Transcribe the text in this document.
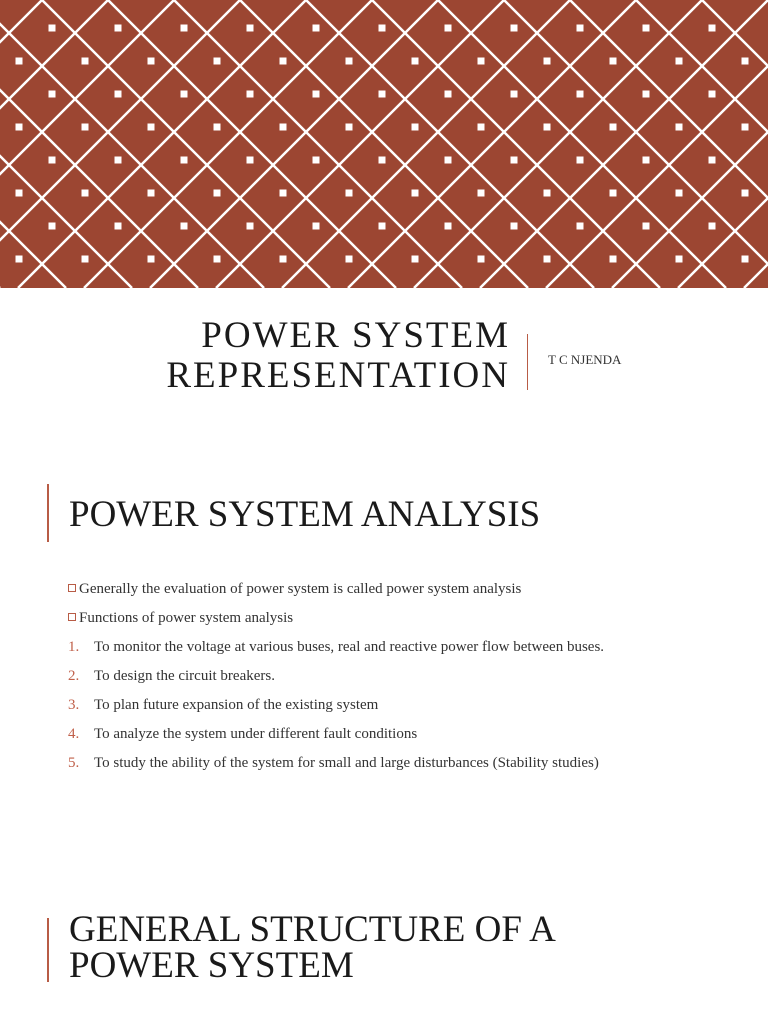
POWER SYSTEM
REPRESENTATION	T C NJENDA
POWER SYSTEM ANALYSIS
Generally the evaluation of power system is called power system analysis
Functions of power system analysis
1. To monitor the voltage at various buses, real and reactive power flow between buses.
2. To design the circuit breakers.
3. To plan future expansion of the existing system
4. To analyze the system under different fault conditions
5. To study the ability of the system for small and large disturbances (Stability studies)
GENERAL STRUCTURE OF A
POWER SYSTEM
